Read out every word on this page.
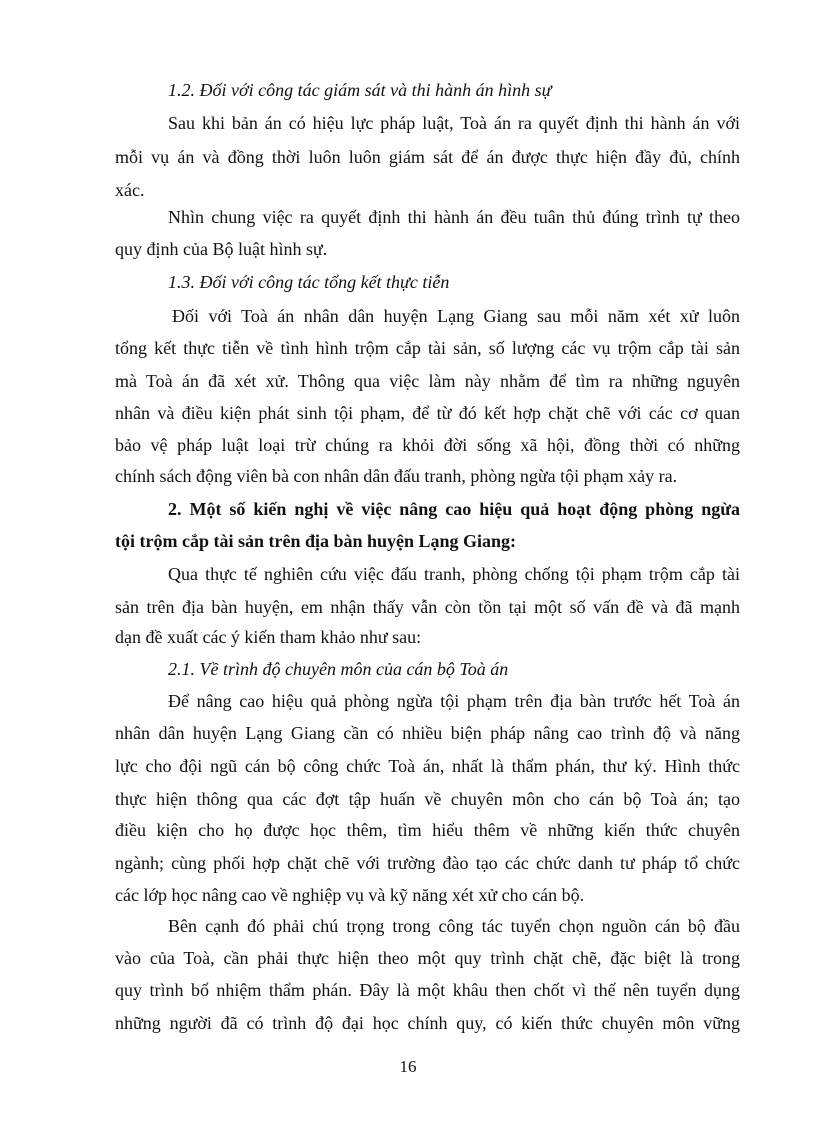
1.2. Đối với công tác giám sát và thi hành án hình sự

Sau khi bản án có hiệu lực pháp luật, Toà án ra quyết định thi hành án với

mỗi vụ án và đồng thời luôn luôn giám sát để án được thực hiện đầy đủ, chính

xác.

Nhìn chung việc ra quyết định thi hành án đều tuân thủ đúng trình tự theo

quy định của Bộ luật hình sự.

1.3. Đối với công tác tổng kết thực tiễn

Đối với Toà án nhân dân huyện Lạng Giang sau mỗi năm xét xử luôn

tổng kết thực tiễn về tình hình trộm cắp tài sản, số lượng các vụ trộm cắp tài sản

mà Toà án đã xét xử. Thông qua việc làm này nhằm để tìm ra những nguyên

nhân và điều kiện phát sinh tội phạm, để từ đó kết hợp chặt chẽ với các cơ quan

bảo vệ pháp luật loại trừ chúng ra khỏi đời sống xã hội, đồng thời có những

chính sách động viên bà con nhân dân đấu tranh, phòng ngừa tội phạm xảy ra.

2. Một số kiến nghị về việc nâng cao hiệu quả hoạt động phòng ngừa

tội trộm cắp tài sản trên địa bàn huyện Lạng Giang:

Qua thực tế nghiên cứu việc đấu tranh, phòng chống tội phạm trộm cắp tài

sản trên địa bàn huyện, em nhận thấy vẫn còn tồn tại một số vấn đề và đã mạnh

dạn đề xuất các ý kiến tham khảo như sau:

2.1. Về trình độ chuyên môn của cán bộ Toà án

Để nâng cao hiệu quả phòng ngừa tội phạm trên địa bàn trước hết Toà án

nhân dân huyện Lạng Giang cần có nhiều biện pháp nâng cao trình độ và năng

lực cho đội ngũ cán bộ công chức Toà án, nhất là thẩm phán, thư ký. Hình thức

thực hiện thông qua các đợt tập huấn về chuyên môn cho cán bộ Toà án; tạo

điều kiện cho họ được học thêm, tìm hiểu thêm về những kiến thức chuyên

ngành; cùng phối hợp chặt chẽ với trường đào tạo các chức danh tư pháp tổ chức

các lớp học nâng cao về nghiệp vụ và kỹ năng xét xử cho cán bộ.

Bên cạnh đó phải chú trọng trong công tác tuyển chọn nguồn cán bộ đầu

vào của Toà, cần phải thực hiện theo một quy trình chặt chẽ, đặc biệt là trong

quy trình bổ nhiệm thẩm phán. Đây là một khâu then chốt vì thế nên tuyển dụng

những người đã có trình độ đại học chính quy, có kiến thức chuyên môn vững

16
